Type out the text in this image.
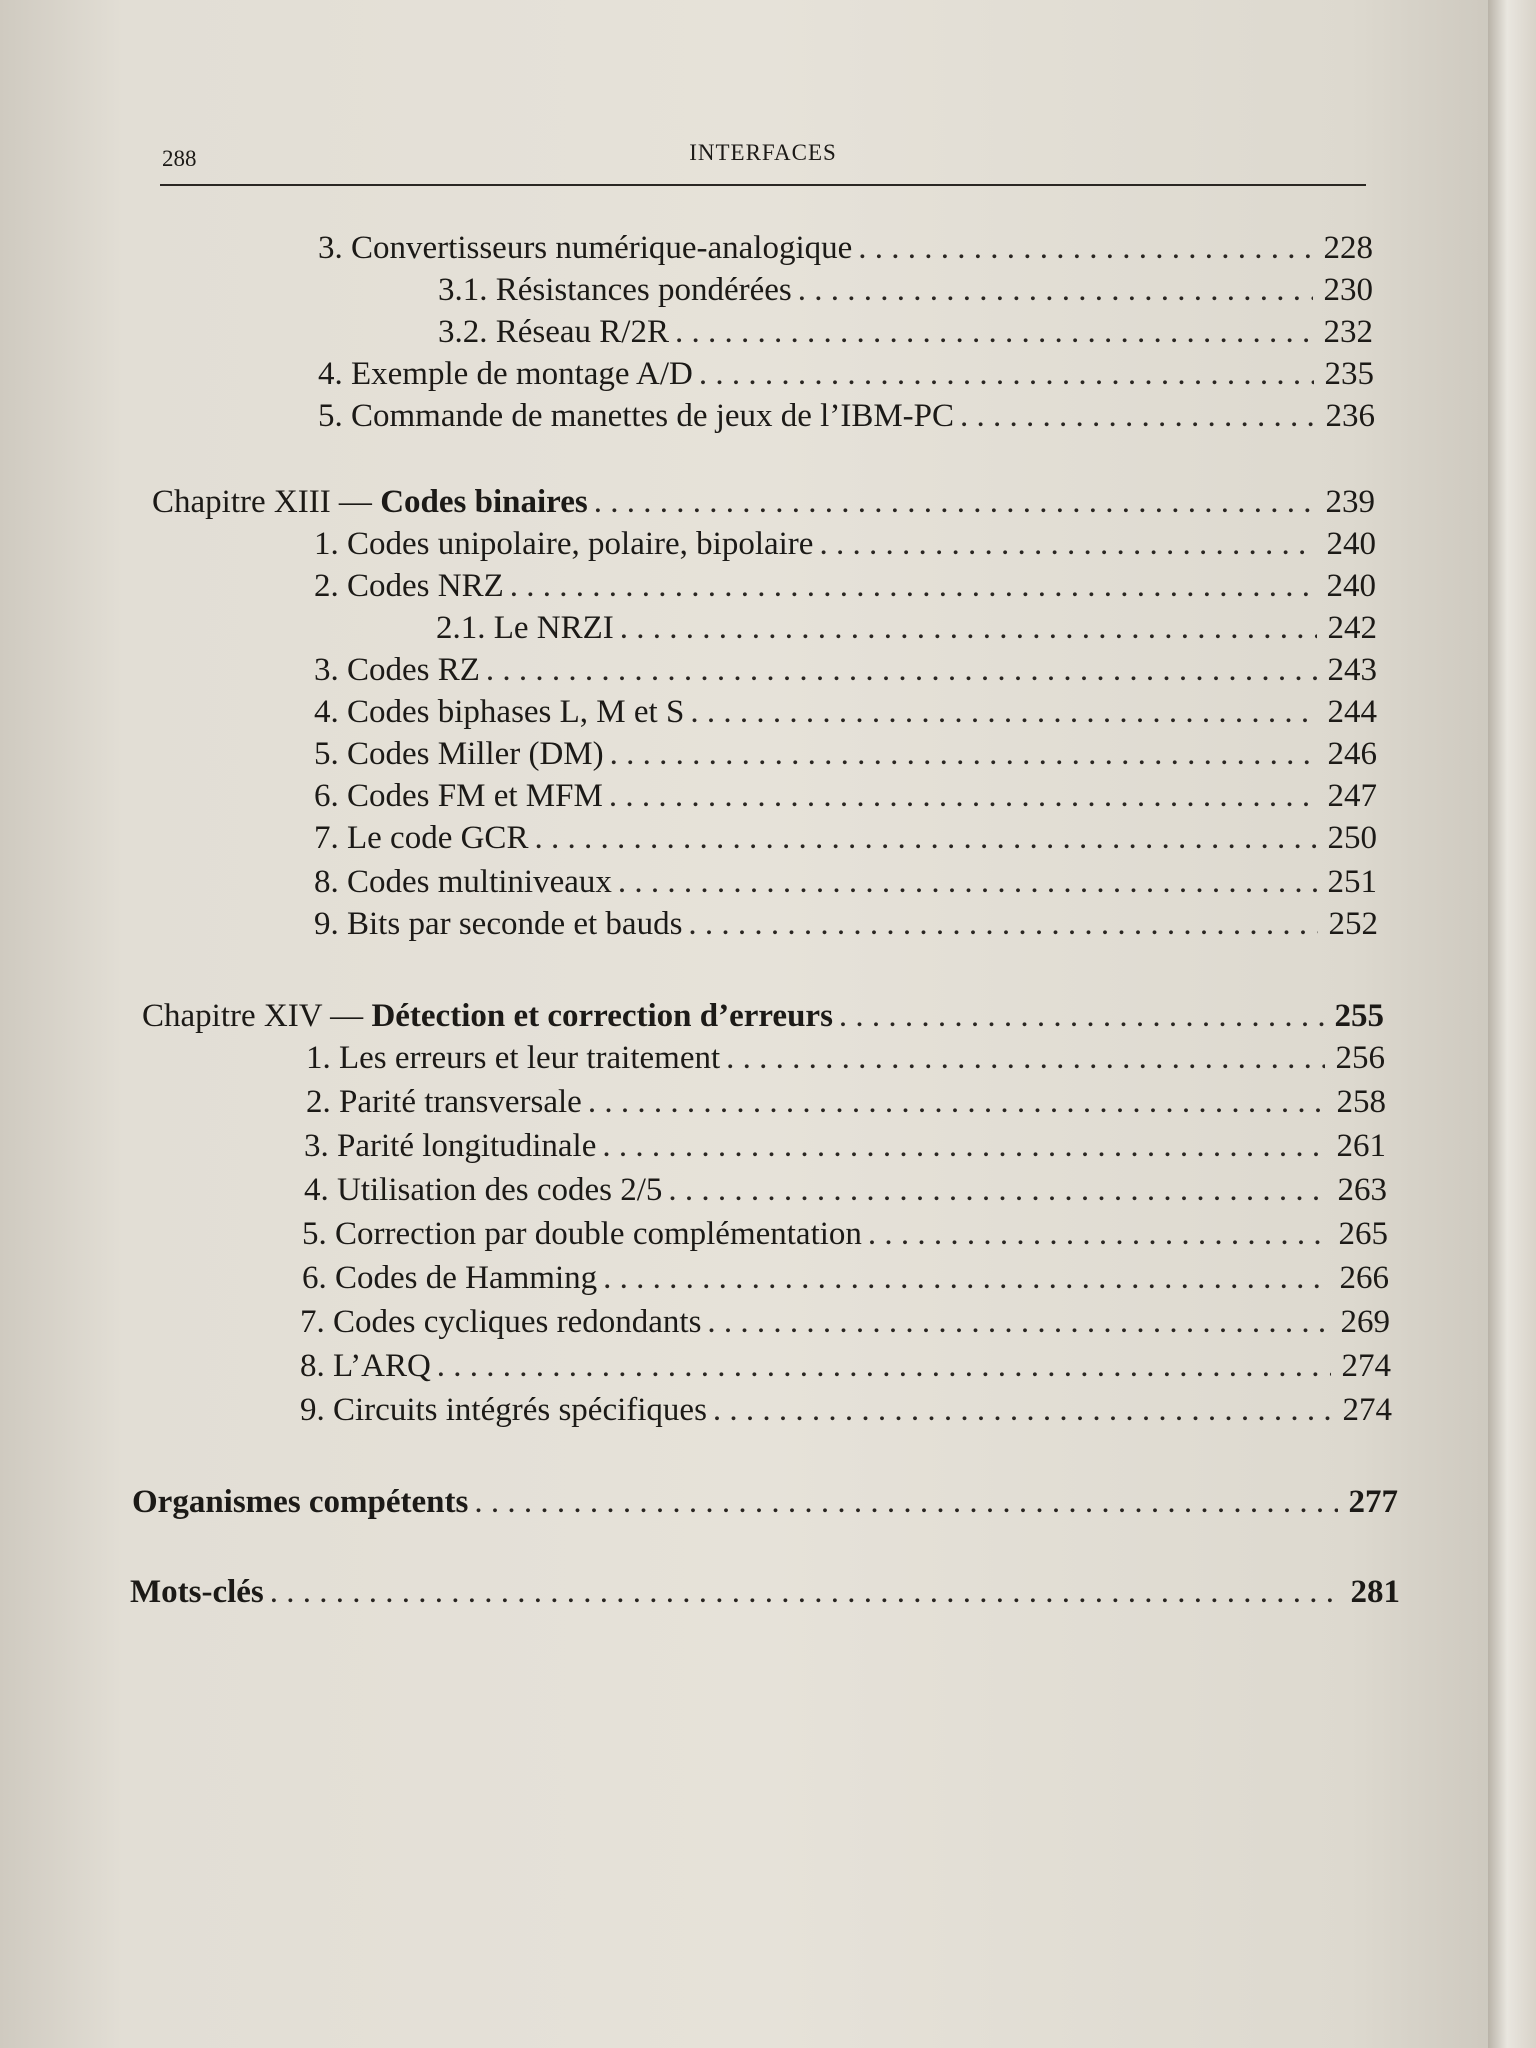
288	INTERFACES
3. Convertisseurs numérique-analogique . . .	228
3.1. Résistances pondérées . . .	230
3.2. Réseau R/2R . . .	232
4. Exemple de montage A/D . . .	235
5. Commande de manettes de jeux de l’IBM-PC . . .	236
Chapitre XIII — Codes binaires . . .	239
1. Codes unipolaire, polaire, bipolaire . . .	240
2. Codes NRZ . . .	240
2.1. Le NRZI . . .	242
3. Codes RZ . . .	243
4. Codes biphases L, M et S . . .	244
5. Codes Miller (DM) . . .	246
6. Codes FM et MFM . . .	247
7. Le code GCR . . .	250
8. Codes multiniveaux . . .	251
9. Bits par seconde et bauds . . .	252
Chapitre XIV — Détection et correction d’erreurs . . .	255
1. Les erreurs et leur traitement . . .	256
2. Parité transversale . . .	258
3. Parité longitudinale . . .	261
4. Utilisation des codes 2/5 . . .	263
5. Correction par double complémentation . . .	265
6. Codes de Hamming . . .	266
7. Codes cycliques redondants . . .	269
8. L’ARQ . . .	274
9. Circuits intégrés spécifiques . . .	274
Organismes compétents . . .	277
Mots-clés . . .	281
